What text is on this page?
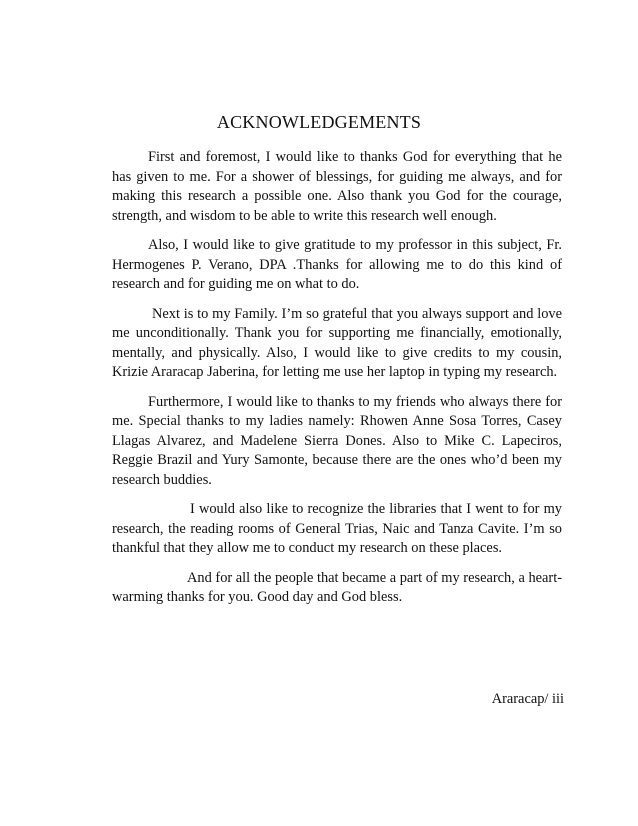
ACKNOWLEDGEMENTS

First and foremost, I would like to thanks God for everything that he has given to me. For a shower of blessings, for guiding me always, and for making this research a possible one. Also thank you God for the courage, strength, and wisdom to be able to write this research well enough.

Also, I would like to give gratitude to my professor in this subject, Fr. Hermogenes P. Verano, DPA .Thanks for allowing me to do this kind of research and for guiding me on what to do.

Next is to my Family. I’m so grateful that you always support and love me unconditionally. Thank you for supporting me financially, emotionally, mentally, and physically. Also, I would like to give credits to my cousin, Krizie Araracap Jaberina, for letting me use her laptop in typing my research.

Furthermore, I would like to thanks to my friends who always there for me. Special thanks to my ladies namely: Rhowen Anne Sosa Torres, Casey Llagas Alvarez, and Madelene Sierra Dones. Also to Mike C. Lapeciros, Reggie Brazil and Yury Samonte, because there are the ones who’d been my research buddies.

I would also like to recognize the libraries that I went to for my research, the reading rooms of General Trias, Naic and Tanza Cavite. I’m so thankful that they allow me to conduct my research on these places.

And for all the people that became a part of my research, a heart-warming thanks for you. Good day and God bless.

Araracap/ iii
